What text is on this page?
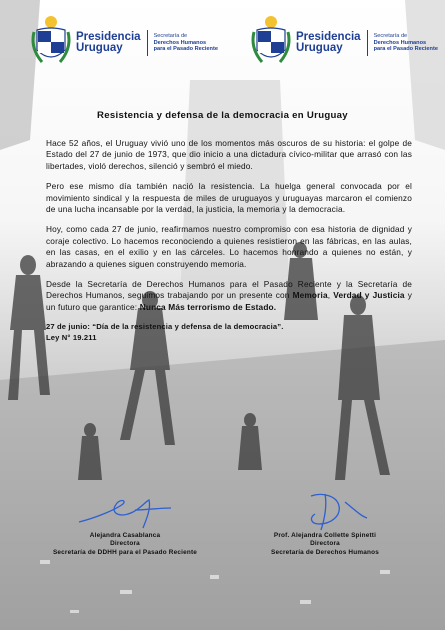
Presidencia
Uruguay
Secretaría de
Derechos Humanos
para el Pasado Reciente
Presidencia
Uruguay
Secretaría de
Derechos Humanos
para el Pasado Reciente
Resistencia y defensa de la democracia en Uruguay

Hace 52 años, el Uruguay vivió uno de los momentos más oscuros de su historia: el golpe de Estado del 27 de junio de 1973, que dio inicio a una dictadura cívico-militar que arrasó con las libertades, violó derechos, silenció y sembró el miedo.

Pero ese mismo día también nació la resistencia. La huelga general convocada por el movimiento sindical y la respuesta de miles de uruguayos y uruguayas marcaron el comienzo de una lucha incansable por la verdad, la justicia, la memoria y la democracia.

Hoy, como cada 27 de junio, reafirmamos nuestro compromiso con esa historia de dignidad y coraje colectivo. Lo hacemos reconociendo a quienes resistieron en las fábricas, en las aulas, en las casas, en el exilio y en las cárceles. Lo hacemos honrando a quienes no están, y abrazando a quienes siguen construyendo memoria.

Desde la Secretaría de Derechos Humanos para el Pasado Reciente y la Secretaría de Derechos Humanos, seguimos trabajando por un presente con Memoria, Verdad y Justicia y un futuro que garantice: Nunca Más terrorismo de Estado.

27 de junio: “Día de la resistencia y defensa de la democracia”.
Ley N° 19.211
Alejandra Casablanca
Directora
Secretaría de DDHH para el Pasado Reciente
Prof. Alejandra Collette Spinetti
Directora
Secretaría de Derechos Humanos
